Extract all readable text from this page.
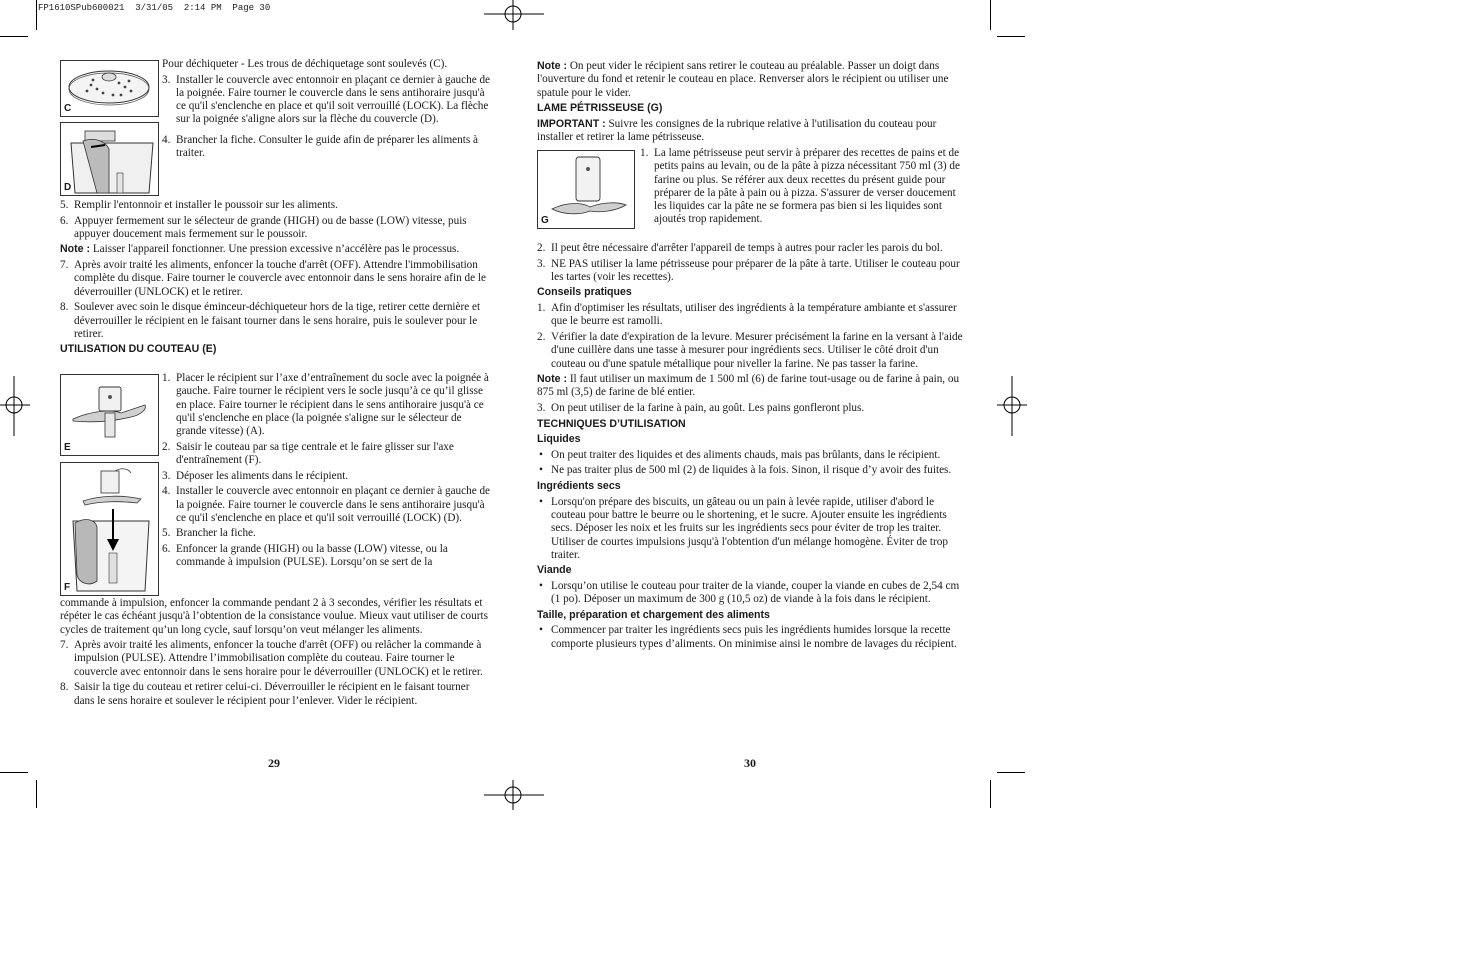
FP1610SPub600021  3/31/05  2:14 PM  Page 30
C
D

Pour déchiqueter - Les trous de déchiquetage sont soulevés (C).

3. Installer le couvercle avec entonnoir en plaçant ce dernier à gauche de la poignée. Faire tourner le couvercle dans le sens antihoraire jusqu'à ce qu'il s'enclenche en place et qu'il soit verrouillé (LOCK). La flèche sur la poignée s'aligne alors sur la flèche du couvercle (D).
4. Brancher la fiche. Consulter le guide afin de préparer les aliments à traiter.
5. Remplir l'entonnoir et installer le poussoir sur les aliments.
6. Appuyer fermement sur le sélecteur de grande (HIGH) ou de basse (LOW) vitesse, puis appuyer doucement mais fermement sur le poussoir.

Note : Laisser l'appareil fonctionner. Une pression excessive n’accélère pas le processus.

7. Après avoir traité les aliments, enfoncer la touche d'arrêt (OFF). Attendre l'immobilisation complète du disque. Faire tourner le couvercle avec entonnoir dans le sens horaire afin de le déverrouiller (UNLOCK) et le retirer.
8. Soulever avec soin le disque éminceur-déchiqueteur hors de la tige, retirer cette dernière et déverrouiller le récipient en le faisant tourner dans le sens horaire, puis le soulever pour le retirer.
UTILISATION DU COUTEAU (E)
E
F
1. Placer le récipient sur l’axe d’entraînement du socle avec la poignée à gauche. Faire tourner le récipient vers le socle jusqu’à ce qu’il glisse en place. Faire tourner le récipient dans le sens antihoraire jusqu'à ce qu'il s'enclenche en place (la poignée s'aligne sur le sélecteur de grande vitesse) (A).
2. Saisir le couteau par sa tige centrale et le faire glisser sur l'axe d'entraînement (F).
3. Déposer les aliments dans le récipient.
4. Installer le couvercle avec entonnoir en plaçant ce dernier à gauche de la poignée. Faire tourner le couvercle dans le sens antihoraire jusqu'à ce qu'il s'enclenche en place et qu'il soit verrouillé (LOCK) (D).
5. Brancher la fiche.
6. Enfoncer la grande (HIGH) ou la basse (LOW) vitesse, ou la commande à impulsion (PULSE). Lorsqu’on se sert de la

commande à impulsion, enfoncer la commande pendant 2 à 3 secondes, vérifier les résultats et répéter le cas échéant jusqu'à l’obtention de la consistance voulue. Mieux vaut utiliser de courts cycles de traitement qu’un long cycle, sauf lorsqu’on veut mélanger les aliments.

7. Après avoir traité les aliments, enfoncer la touche d'arrêt (OFF) ou relâcher la commande à impulsion (PULSE). Attendre l’immobilisation complète du couteau. Faire tourner le couvercle avec entonnoir dans le sens horaire pour le déverrouiller (UNLOCK) et le retirer.
8. Saisir la tige du couteau et retirer celui-ci. Déverrouiller le récipient en le faisant tourner dans le sens horaire et soulever le récipient pour l’enlever. Vider le récipient.
29

Note : On peut vider le récipient sans retirer le couteau au préalable. Passer un doigt dans l'ouverture du fond et retenir le couteau en place. Renverser alors le récipient ou utiliser une spatule pour le vider.

LAME PÉTRISSEUSE (G)

IMPORTANT : Suivre les consignes de la rubrique relative à l'utilisation du couteau pour installer et retirer la lame pétrisseuse.

G
1. La lame pétrisseuse peut servir à préparer des recettes de pains et de petits pains au levain, ou de la pâte à pizza nécessitant 750 ml (3) de farine ou plus. Se référer aux deux recettes du présent guide pour préparer de la pâte à pain ou à pizza. S'assurer de verser doucement les liquides car la pâte ne se formera pas bien si les liquides sont ajoutés trop rapidement.
2. Il peut être nécessaire d'arrêter l'appareil de temps à autres pour racler les parois du bol.
3. NE PAS utiliser la lame pétrisseuse pour préparer de la pâte à tarte. Utiliser le couteau pour les tartes (voir les recettes).
Conseils pratiques
1. Afin d'optimiser les résultats, utiliser des ingrédients à la température ambiante et s'assurer que le beurre est ramolli.
2. Vérifier la date d'expiration de la levure. Mesurer précisément la farine en la versant à l'aide d'une cuillère dans une tasse à mesurer pour ingrédients secs. Utiliser le côté droit d'un couteau ou d'une spatule métallique pour niveller la farine. Ne pas tasser la farine.

Note : Il faut utiliser un maximum de 1 500 ml (6) de farine tout-usage ou de farine à pain, ou 875 ml (3,5) de farine de blé entier.

3. On peut utiliser de la farine à pain, au goût. Les pains gonfleront plus.
TECHNIQUES D’UTILISATION
Liquides
• On peut traiter des liquides et des aliments chauds, mais pas brûlants, dans le récipient.
• Ne pas traiter plus de 500 ml (2) de liquides à la fois. Sinon, il risque d’y avoir des fuites.
Ingrédients secs
• Lorsqu'on prépare des biscuits, un gâteau ou un pain à levée rapide, utiliser d'abord le couteau pour battre le beurre ou le shortening, et le sucre. Ajouter ensuite les ingrédients secs. Déposer les noix et les fruits sur les ingrédients secs pour éviter de trop les traiter. Utiliser de courtes impulsions jusqu'à l'obtention d'un mélange homogène. Éviter de trop traiter.
Viande
• Lorsqu’on utilise le couteau pour traiter de la viande, couper la viande en cubes de 2,54 cm (1 po). Déposer un maximum de 300 g (10,5 oz) de viande à la fois dans le récipient.
Taille, préparation et chargement des aliments
• Commencer par traiter les ingrédients secs puis les ingrédients humides lorsque la recette comporte plusieurs types d’aliments. On minimise ainsi le nombre de lavages du récipient.
30
